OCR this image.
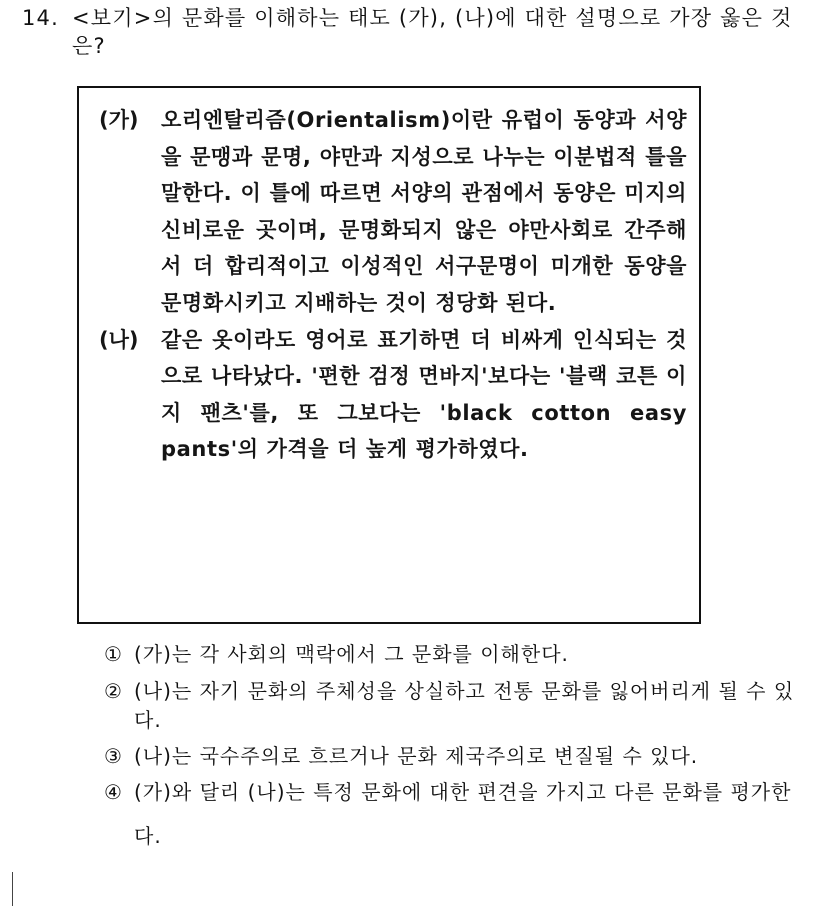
14. <보기>의 문화를 이해하는 태도 (가), (나)에 대한 설명으로 가장 옳은 것은?
(가)	오리엔탈리즘(Orientalism)이란 유럽이 동양과 서양을 문맹과 문명, 야만과 지성으로 나누는 이분법적 틀을 말한다. 이 틀에 따르면 서양의 관점에서 동양은 미지의 신비로운 곳이며, 문명화되지 않은 야만사회로 간주해서 더 합리적이고 이성적인 서구문명이 미개한 동양을 문명화시키고 지배하는 것이 정당화 된다.
(나)	같은 옷이라도 영어로 표기하면 더 비싸게 인식되는 것으로 나타났다. '편한 검정 면바지'보다는 '블랙 코튼 이지 팬츠'를, 또 그보다는 'black cotton easy pants'의 가격을 더 높게 평가하였다.
① (가)는 각 사회의 맥락에서 그 문화를 이해한다.
② (나)는 자기 문화의 주체성을 상실하고 전통 문화를 잃어버리게 될 수 있다.
③ (나)는 국수주의로 흐르거나 문화 제국주의로 변질될 수 있다.
④ (가)와 달리 (나)는 특정 문화에 대한 편견을 가지고 다른 문화를 평가한다.
